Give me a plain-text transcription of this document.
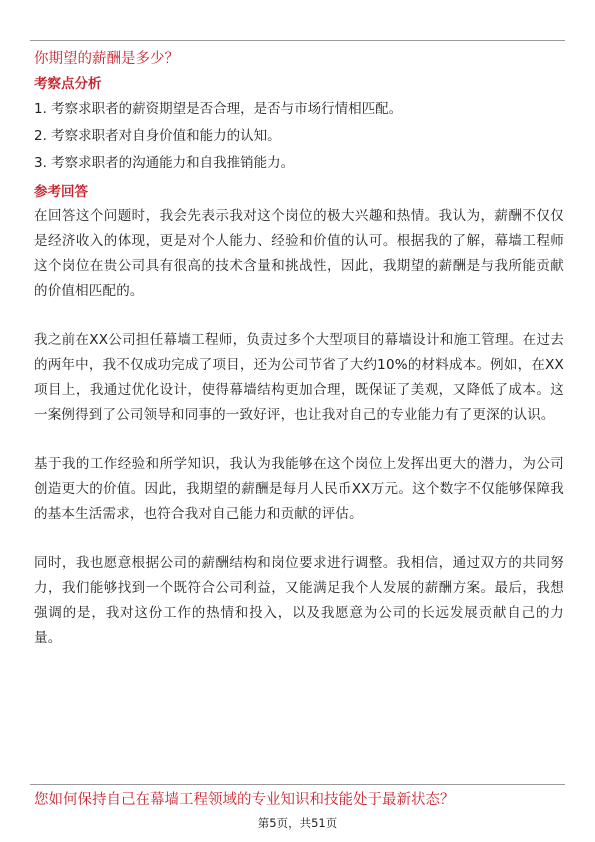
你期望的薪酬是多少？

考察点分析

1. 考察求职者的薪资期望是否合理，是否与市场行情相匹配。

2. 考察求职者对自身价值和能力的认知。

3. 考察求职者的沟通能力和自我推销能力。

参考回答

在回答这个问题时，我会先表示我对这个岗位的极大兴趣和热情。我认为，薪酬不仅仅是经济收入的体现，更是对个人能力、经验和价值的认可。根据我的了解，幕墙工程师这个岗位在贵公司具有很高的技术含量和挑战性，因此，我期望的薪酬是与我所能贡献的价值相匹配的。

我之前在XX公司担任幕墙工程师，负责过多个大型项目的幕墙设计和施工管理。在过去的两年中，我不仅成功完成了项目，还为公司节省了大约10%的材料成本。例如，在XX项目上，我通过优化设计，使得幕墙结构更加合理，既保证了美观，又降低了成本。这一案例得到了公司领导和同事的一致好评，也让我对自己的专业能力有了更深的认识。

基于我的工作经验和所学知识，我认为我能够在这个岗位上发挥出更大的潜力，为公司创造更大的价值。因此，我期望的薪酬是每月人民币XX万元。这个数字不仅能够保障我的基本生活需求，也符合我对自己能力和贡献的评估。

同时，我也愿意根据公司的薪酬结构和岗位要求进行调整。我相信，通过双方的共同努力，我们能够找到一个既符合公司利益，又能满足我个人发展的薪酬方案。最后，我想强调的是，我对这份工作的热情和投入，以及我愿意为公司的长远发展贡献自己的力量。

您如何保持自己在幕墙工程领域的专业知识和技能处于最新状态？

第5页，共51页
